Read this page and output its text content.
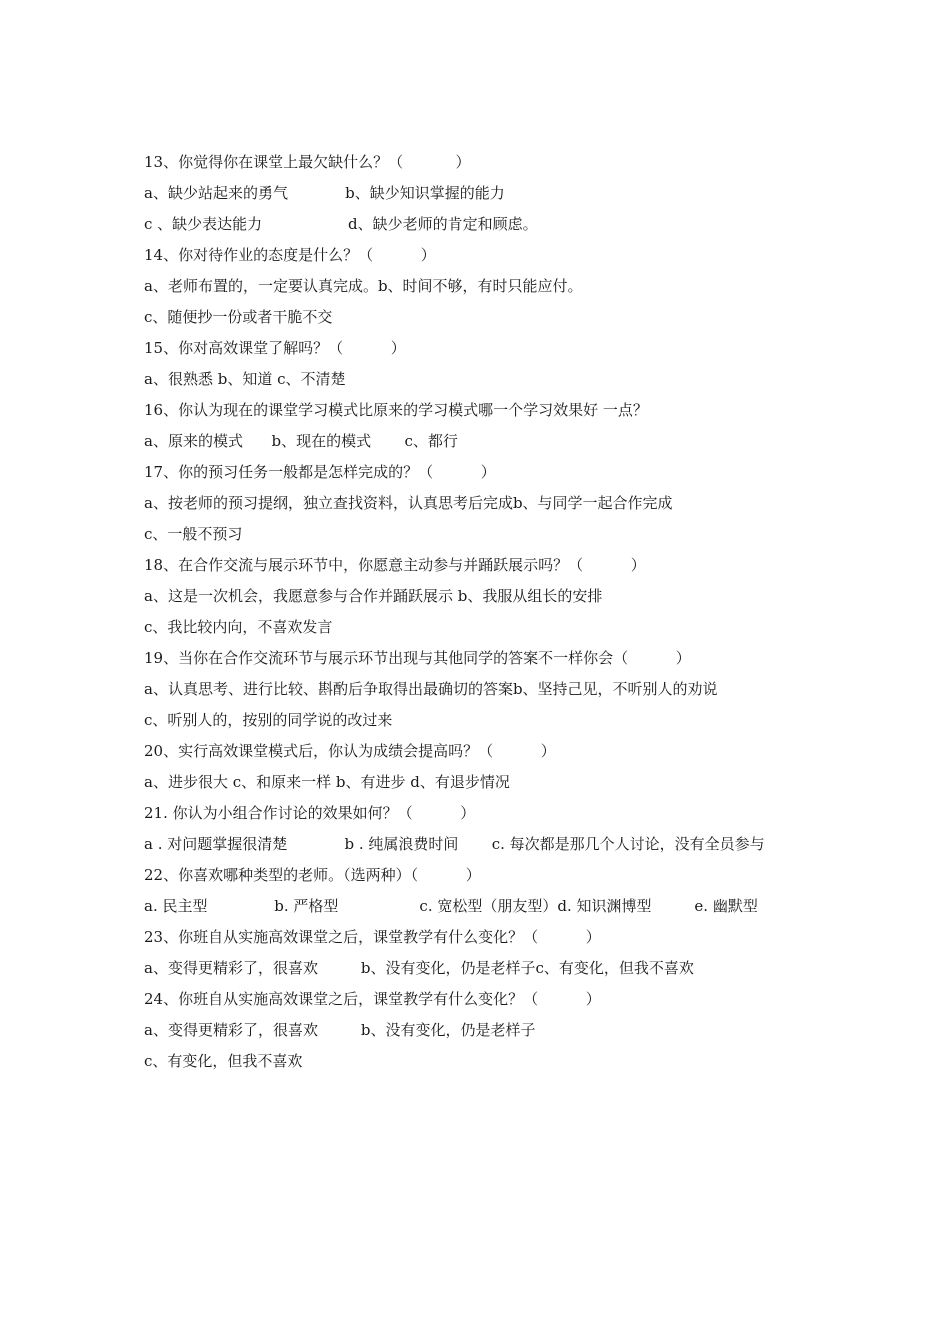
13、你觉得你在课堂上最欠缺什么？（           ）
a、缺少站起来的勇气            b、缺少知识掌握的能力
c 、缺少表达能力                  d、缺少老师的肯定和顾虑。
14、你对待作业的态度是什么？（          ）
a、老师布置的，一定要认真完成。b、时间不够，有时只能应付。
c、随便抄一份或者干脆不交
15、你对高效课堂了解吗？（          ）
a、很熟悉 b、知道 c、不清楚
16、你认为现在的课堂学习模式比原来的学习模式哪一个学习效果好 一点？
a、原来的模式      b、现在的模式       c、都行
17、你的预习任务一般都是怎样完成的？（          ）
a、按老师的预习提纲，独立查找资料，认真思考后完成b、与同学一起合作完成
c、一般不预习
18、在合作交流与展示环节中，你愿意主动参与并踊跃展示吗？（          ）
a、这是一次机会，我愿意参与合作并踊跃展示 b、我服从组长的安排
c、我比较内向，不喜欢发言
19、当你在合作交流环节与展示环节出现与其他同学的答案不一样你会（          ）
a、认真思考、进行比较、斟酌后争取得出最确切的答案b、坚持己见，不听别人的劝说
c、听别人的，按别的同学说的改过来
20、实行高效课堂模式后，你认为成绩会提高吗？（          ）
a、进步很大 c、和原来一样 b、有进步 d、有退步情况
21. 你认为小组合作讨论的效果如何？（          ）
a . 对问题掌握很清楚            b . 纯属浪费时间       c. 每次都是那几个人讨论，没有全员参与
22、你喜欢哪种类型的老师。（选两种）（          ）
a. 民主型              b. 严格型                 c. 宽松型（朋友型）d. 知识渊博型         e. 幽默型
23、你班自从实施高效课堂之后，课堂教学有什么变化？（          ）
a、变得更精彩了，很喜欢         b、没有变化，仍是老样子c、有变化，但我不喜欢
24、你班自从实施高效课堂之后，课堂教学有什么变化？（          ）
a、变得更精彩了，很喜欢         b、没有变化，仍是老样子
c、有变化，但我不喜欢
